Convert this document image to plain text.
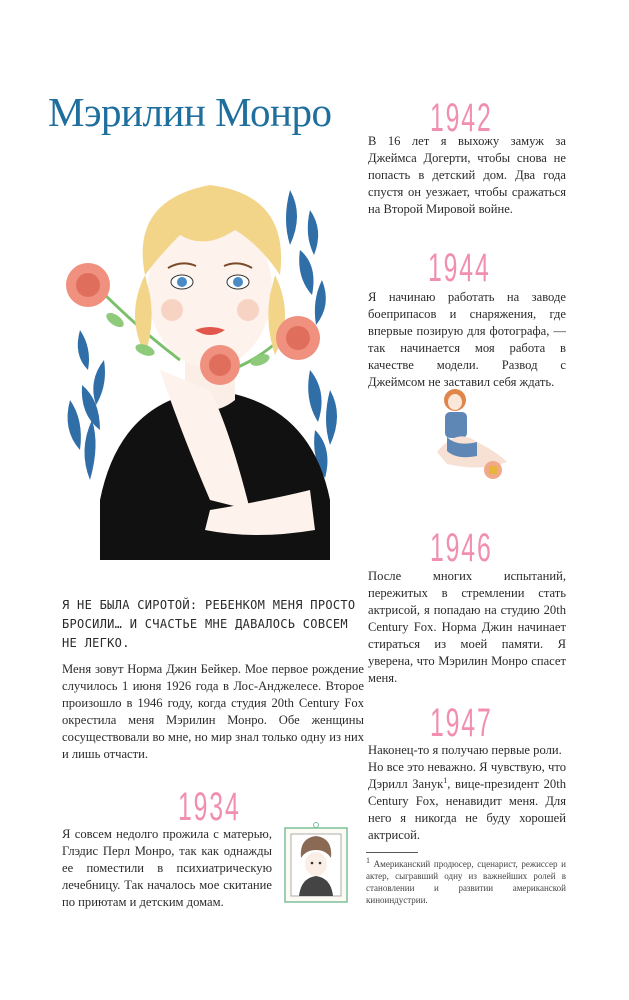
Мэрилин Монро	1942
В 16 лет я выхожу замуж за Джеймса Догерти, чтобы снова не попасть в детский дом. Два года спустя он уезжает, чтобы сражаться на Второй Мировой войне.
1944
Я начинаю работать на заводе боеприпасов и снаряжения, где впервые позирую для фотографа, — так начинается моя работа в качестве модели. Развод с Джеймсом не заставил себя ждать.
1946
После многих испытаний, пережитых в стремлении стать актрисой, я попадаю на студию 20th Century Fox. Норма Джин начинает стираться из моей памяти. Я уверена, что Мэрилин Монро спасет меня.
1947
Наконец-то я получаю первые роли.
Но все это неважно. Я чувствую, что Дэрилл Занук$^1$, вице-президент 20th Century Fox, ненавидит меня. Для него я никогда не буду хорошей актрисой.
$^1$ Американский продюсер, сценарист, режиссер и актер, сыгравший одну из важнейших ролей в становлении и развитии американской киноиндустрии.
Я НЕ БЫЛА СИРОТОЙ: РЕБЕНКОМ МЕНЯ ПРОСТО БРОСИЛИ… И СЧАСТЬЕ МНЕ ДАВАЛОСЬ СОВСЕМ НЕ ЛЕГКО.
Меня зовут Норма Джин Бейкер. Мое первое рождение случилось 1 июня 1926 года в Лос-Анджелесе. Второе произошло в 1946 году, когда студия 20th Century Fox окрестила меня Мэрилин Монро. Обе женщины сосуществовали во мне, но мир знал только одну из них и лишь отчасти.
1934
Я совсем недолго прожила с матерью, Глэдис Перл Монро, так как однажды ее поместили в психиатрическую лечебницу. Так началось мое скитание по приютам и детским домам.
